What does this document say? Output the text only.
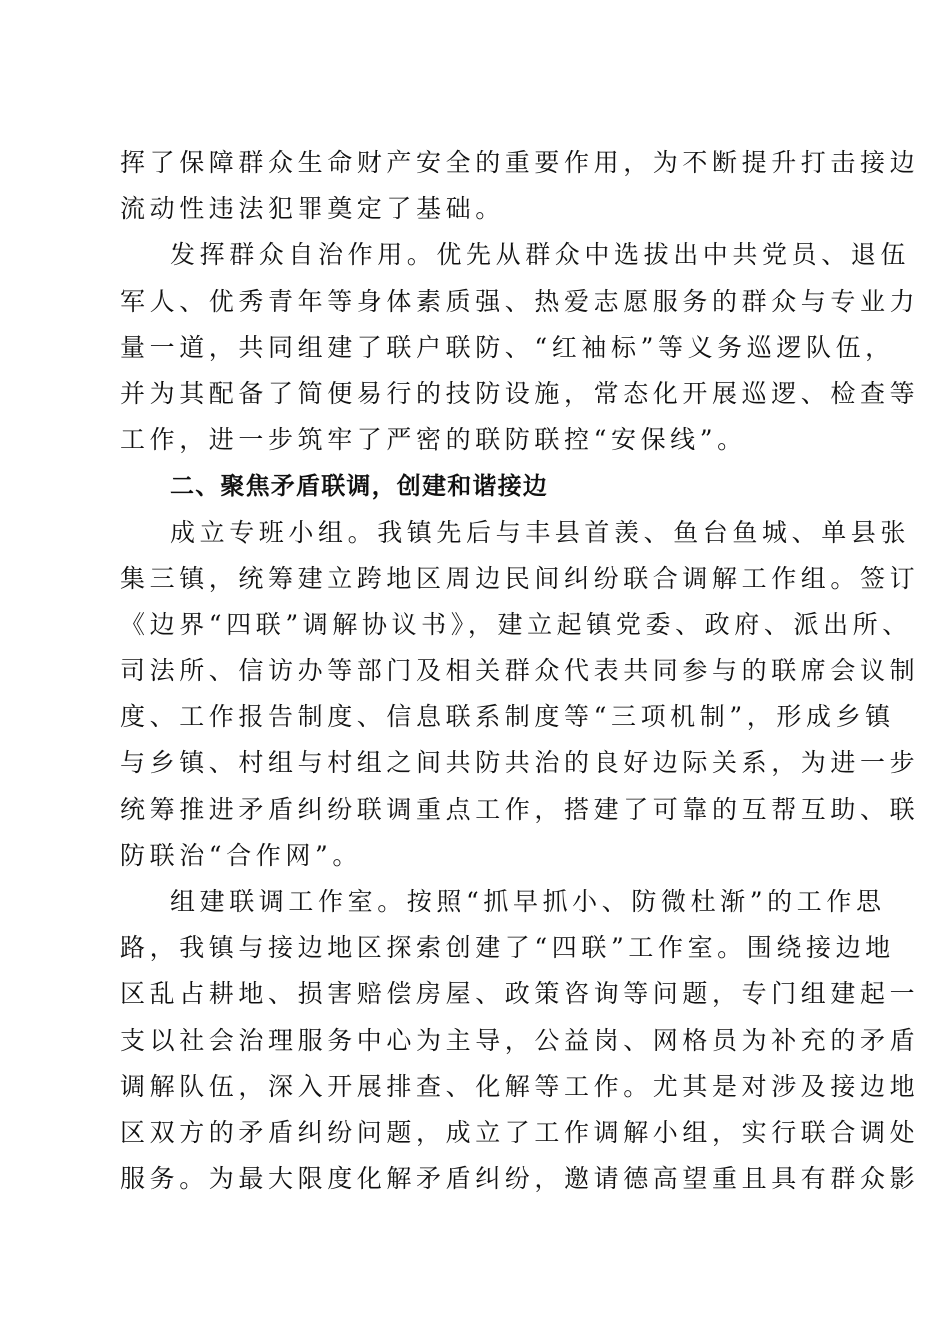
挥了保障群众生命财产安全的重要作用，为不断提升打击接边
流动性违法犯罪奠定了基础。
发挥群众自治作用。优先从群众中选拔出中共党员、退伍
军人、优秀青年等身体素质强、热爱志愿服务的群众与专业力
量一道，共同组建了联户联防、“红袖标”等义务巡逻队伍，
并为其配备了简便易行的技防设施，常态化开展巡逻、检查等
工作，进一步筑牢了严密的联防联控“安保线”。
二、聚焦矛盾联调，创建和谐接边
成立专班小组。我镇先后与丰县首羡、鱼台鱼城、单县张
集三镇，统筹建立跨地区周边民间纠纷联合调解工作组。签订
《边界“四联”调解协议书》，建立起镇党委、政府、派出所、
司法所、信访办等部门及相关群众代表共同参与的联席会议制
度、工作报告制度、信息联系制度等“三项机制”，形成乡镇
与乡镇、村组与村组之间共防共治的良好边际关系，为进一步
统筹推进矛盾纠纷联调重点工作，搭建了可靠的互帮互助、联
防联治“合作网”。
组建联调工作室。按照“抓早抓小、防微杜渐”的工作思
路，我镇与接边地区探索创建了“四联”工作室。围绕接边地
区乱占耕地、损害赔偿房屋、政策咨询等问题，专门组建起一
支以社会治理服务中心为主导，公益岗、网格员为补充的矛盾
调解队伍，深入开展排查、化解等工作。尤其是对涉及接边地
区双方的矛盾纠纷问题，成立了工作调解小组，实行联合调处
服务。为最大限度化解矛盾纠纷，邀请德高望重且具有群众影
